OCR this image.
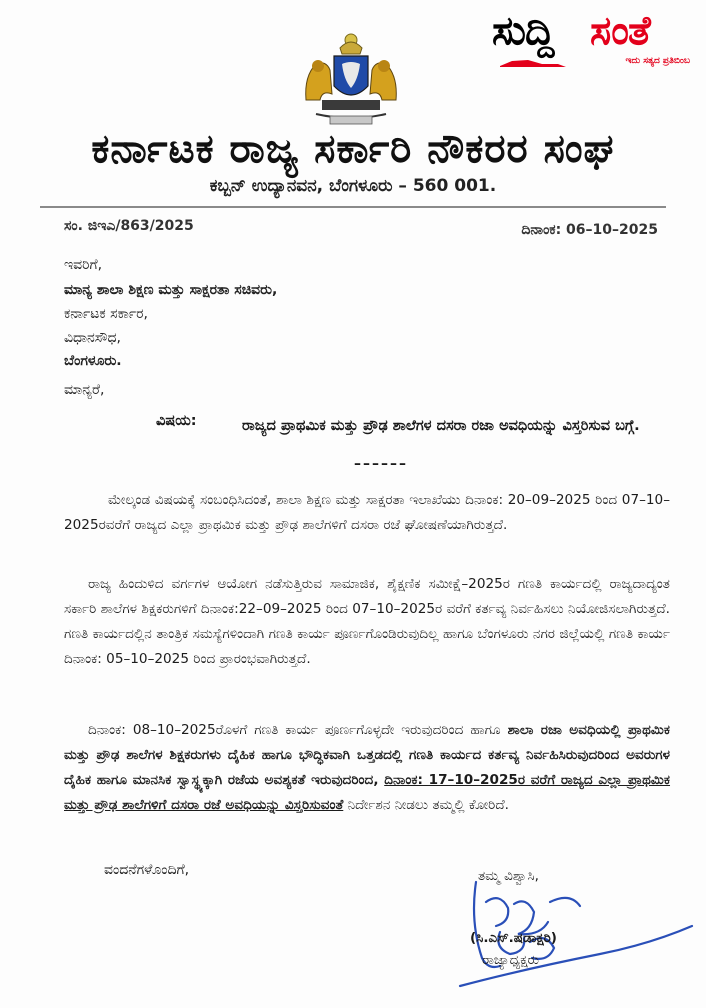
ಸುದ್ದಿ ಸಂತೆ
ಇದು ಸತ್ಯದ ಪ್ರತಿಬಿಂಬ
ಕರ್ನಾಟಕ ರಾಜ್ಯ ಸರ್ಕಾರಿ ನೌಕರರ ಸಂಘ
ಕಬ್ಬನ್ ಉದ್ಯಾನವನ, ಬೆಂಗಳೂರು – 560 001.
ಸಂ. ಜಿಇಎ/863/2025	ದಿನಾಂಕ: 06–10–2025
ಇವರಿಗೆ,
ಮಾನ್ಯ ಶಾಲಾ ಶಿಕ್ಷಣ ಮತ್ತು ಸಾಕ್ಷರತಾ ಸಚಿವರು,
ಕರ್ನಾಟಕ ಸರ್ಕಾರ,
ವಿಧಾನಸೌಧ,
ಬೆಂಗಳೂರು.
ಮಾನ್ಯರೆ,
ವಿಷಯ:	ರಾಜ್ಯದ ಪ್ರಾಥಮಿಕ ಮತ್ತು ಪ್ರೌಢ ಶಾಲೆಗಳ ದಸರಾ ರಜಾ ಅವಧಿಯನ್ನು ವಿಸ್ತರಿಸುವ ಬಗ್ಗೆ.
––––––
ಮೇಲ್ಕಂಡ ವಿಷಯಕ್ಕೆ ಸಂಬಂಧಿಸಿದಂತೆ, ಶಾಲಾ ಶಿಕ್ಷಣ ಮತ್ತು ಸಾಕ್ಷರತಾ ಇಲಾಖೆಯು ದಿನಾಂಕ: 20–09–2025 ರಿಂದ 07–10–2025ರವರೆಗೆ ರಾಜ್ಯದ ಎಲ್ಲಾ ಪ್ರಾಥಮಿಕ ಮತ್ತು ಪ್ರೌಢ ಶಾಲೆಗಳಿಗೆ ದಸರಾ ರಜೆ ಘೋಷಣೆಯಾಗಿರುತ್ತದೆ.
ರಾಜ್ಯ ಹಿಂದುಳಿದ ವರ್ಗಗಳ ಆಯೋಗ ನಡೆಸುತ್ತಿರುವ ಸಾಮಾಜಿಕ, ಶೈಕ್ಷಣಿಕ ಸಮೀಕ್ಷೆ–2025ರ ಗಣತಿ ಕಾರ್ಯದಲ್ಲಿ ರಾಜ್ಯದಾದ್ಯಂತ ಸರ್ಕಾರಿ ಶಾಲೆಗಳ ಶಿಕ್ಷಕರುಗಳಿಗೆ ದಿನಾಂಕ:22–09–2025 ರಿಂದ 07–10–2025ರ ವರೆಗೆ ಕರ್ತವ್ಯ ನಿರ್ವಹಿಸಲು ನಿಯೋಜಿಸಲಾಗಿರುತ್ತದೆ. ಗಣತಿ ಕಾರ್ಯದಲ್ಲಿನ ತಾಂತ್ರಿಕ ಸಮಸ್ಯೆಗಳಿಂದಾಗಿ ಗಣತಿ ಕಾರ್ಯ ಪೂರ್ಣಗೊಂಡಿರುವುದಿಲ್ಲ ಹಾಗೂ ಬೆಂಗಳೂರು ನಗರ ಜಿಲ್ಲೆಯಲ್ಲಿ ಗಣತಿ ಕಾರ್ಯ ದಿನಾಂಕ: 05–10–2025 ರಿಂದ ಪ್ರಾರಂಭವಾಗಿರುತ್ತದೆ.
ದಿನಾಂಕ: 08–10–2025ರೊಳಗೆ ಗಣತಿ ಕಾರ್ಯ ಪೂರ್ಣಗೊಳ್ಳದೇ ಇರುವುದರಿಂದ ಹಾಗೂ ಶಾಲಾ ರಜಾ ಅವಧಿಯಲ್ಲಿ ಪ್ರಾಥಮಿಕ ಮತ್ತು ಪ್ರೌಢ ಶಾಲೆಗಳ ಶಿಕ್ಷಕರುಗಳು ದೈಹಿಕ ಹಾಗೂ ಭೌದ್ಧಿಕವಾಗಿ ಒತ್ತಡದಲ್ಲಿ ಗಣತಿ ಕಾರ್ಯದ ಕರ್ತವ್ಯ ನಿರ್ವಹಿಸಿರುವುದರಿಂದ ಅವರುಗಳ ದೈಹಿಕ ಹಾಗೂ ಮಾನಸಿಕ ಸ್ವಾಸ್ಥ್ಯಕ್ಕಾಗಿ ರಜೆಯ ಅವಶ್ಯಕತೆ ಇರುವುದರಿಂದ, ದಿನಾಂಕ: 17–10–2025ರ ವರೆಗೆ ರಾಜ್ಯದ ಎಲ್ಲಾ ಪ್ರಾಥಮಿಕ ಮತ್ತು ಪ್ರೌಢ ಶಾಲೆಗಳಿಗೆ ದಸರಾ ರಜೆ ಅವಧಿಯನ್ನು ವಿಸ್ತರಿಸುವಂತೆ ನಿರ್ದೇಶನ ನೀಡಲು ತಮ್ಮಲ್ಲಿ ಕೋರಿದೆ.
ವಂದನೆಗಳೊಂದಿಗೆ,	ತಮ್ಮ ವಿಶ್ವಾಸಿ,
(ಸಿ.ಎಸ್.ಷಡಾಕ್ಷರಿ)
ರಾಜ್ಯಾಧ್ಯಕ್ಷರು
